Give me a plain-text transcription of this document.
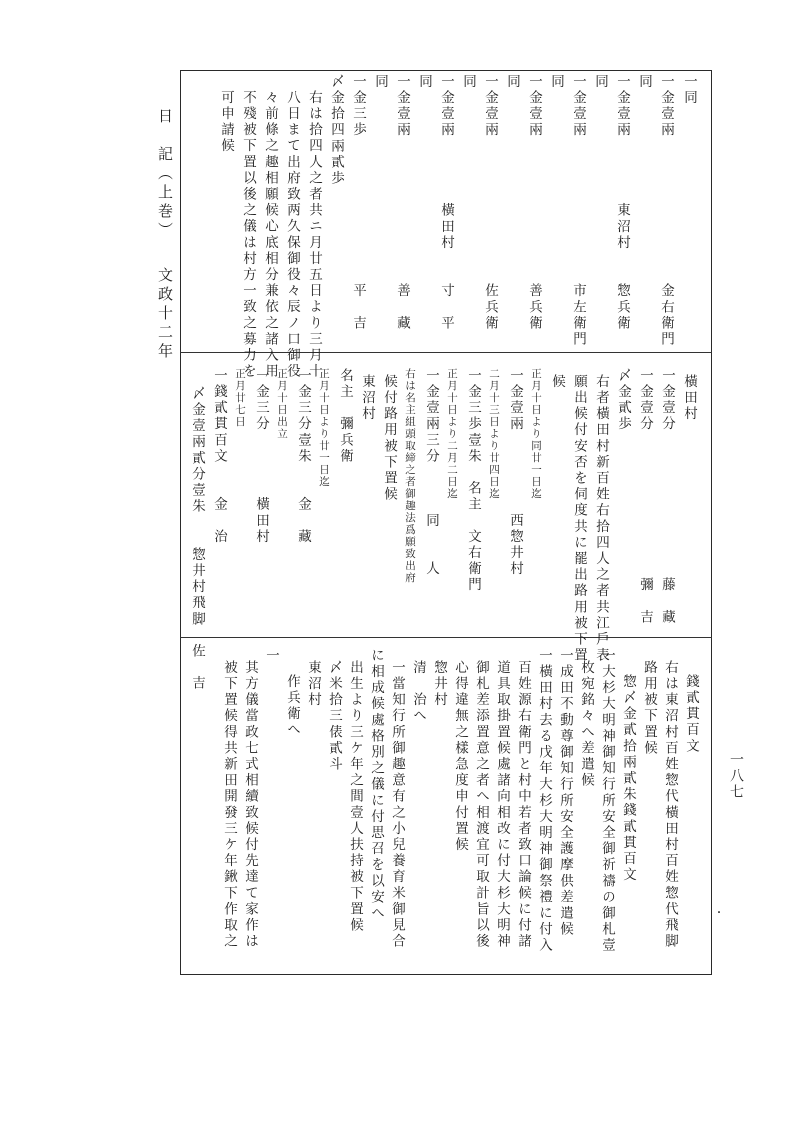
日　記（上巻）
文政十二年
一八七
・
一同
一金壹兩　　　　　　　　　金右衛門
同
一金壹兩　　　　東沼村　　惣兵衛
同
一金壹兩　　　　　　　　　市左衛門
同
一金壹兩　　　　　　　　　善兵衛
同
一金壹兩　　　　　　　　　佐兵衛
同
一金壹兩　　　　橫田村　　寸　平
同
一金壹兩　　　　　　　　　善　藏
同
一金三歩　　　　　　　　　平　吉
〆金拾四兩貳歩
右は拾四人之者共ニ月廿五日より三月十
八日まて出府致两久保御役々辰ノ口御役
々前條之趣相願候心底相分兼依之諸入用
不殘被下置以後之儀は村方一致之募力を
可申請候
橫田村
一金壹分　　　　　　　　　藤　藏
一金壹分　　　　　　　　　彌　吉
〆金貳歩
右者橫田村新百姓右拾四人之者共江戶表
願出候付安否を伺度共に罷出路用被下置
候
正月十日より同廿一日迄
一金壹兩　　　　　西惣井村
二月十三日より廿四日迄
一金三歩壹朱　名主　文右衛門
正月十日より二月二日迄
一金壹兩三分　　　同　　人
右は名主組頭取締之者御趣法爲願致出府
候付路用被下置候
東沼村
名主　彌兵衛
正月十日より廿一日迄
一金三分壹朱　　金　藏
正月十日出立
一金三分　　　　橫田村
正月廿七日
一錢貳貫百文　　金　治
〆金壹兩貳分壹朱　　惣井村飛脚　佐　吉
錢貳貫百文
右は東沼村百姓惣代橫田村百姓惣代飛脚
路用被下置候
惣〆金貳拾兩貳朱錢貳貫百文
一大杉大明神御知行所安全御祈禱の御札壹
枚宛銘々へ差遣候
一成田不動尊御知行所安全護摩供差遣候
一橫田村去る戊年大杉大明神御祭禮に付入
百姓源右衛門と村中若者致口論候に付諸
道具取掛置候處諸向相改に付大杉大明神
御札差添置意之者へ相渡宜可取計旨以後
心得違無之樣急度申付置候
惣井村
清　治へ
一當知行所御趣意有之小兒養育米御見合
に相成候處格別之儀に付思召を以安へ
出生より三ケ年之間壹人扶持被下置候
〆米拾三俵貳斗
東沼村
作兵衛へ
一
其方儀當政七式相續致候付先達て家作は
被下置候得共新田開發三ケ年鍬下作取之
